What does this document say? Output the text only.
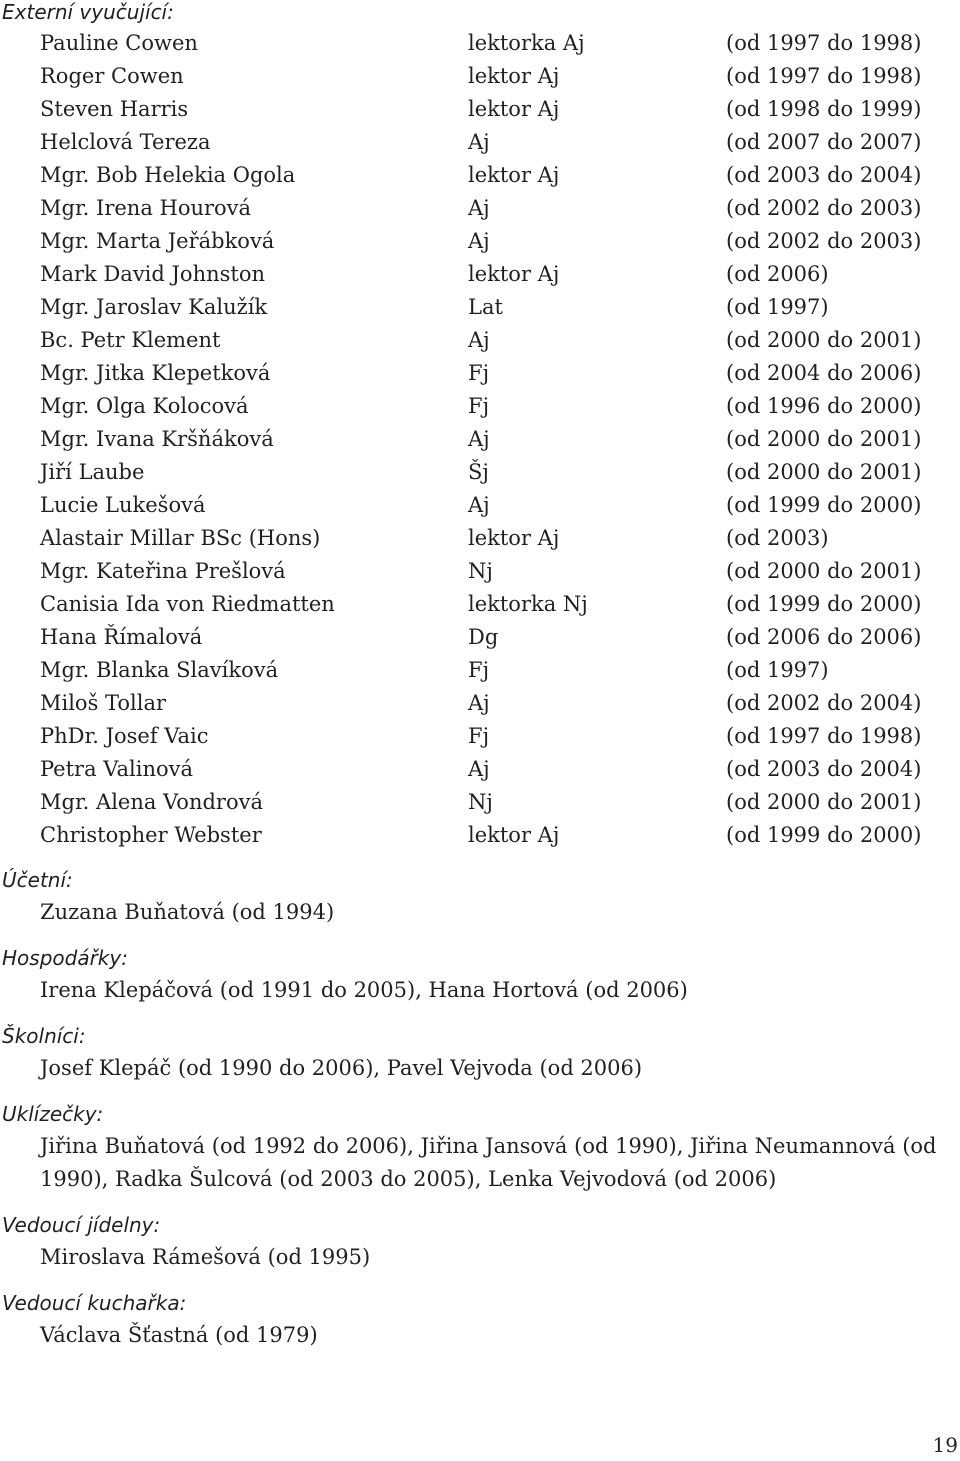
Externí vyučující:
Pauline Cowen	lektorka Aj	(od 1997 do 1998)
Roger Cowen	lektor Aj	(od 1997 do 1998)
Steven Harris	lektor Aj	(od 1998 do 1999)
Helclová Tereza	Aj	(od 2007 do 2007)
Mgr. Bob Helekia Ogola	lektor Aj	(od 2003 do 2004)
Mgr. Irena Hourová	Aj	(od 2002 do 2003)
Mgr. Marta Jeřábková	Aj	(od 2002 do 2003)
Mark David Johnston	lektor Aj	(od 2006)
Mgr. Jaroslav Kalužík	Lat	(od 1997)
Bc. Petr Klement	Aj	(od 2000 do 2001)
Mgr. Jitka Klepetková	Fj	(od 2004 do 2006)
Mgr. Olga Kolocová	Fj	(od 1996 do 2000)
Mgr. Ivana Kršňáková	Aj	(od 2000 do 2001)
Jiří Laube	Šj	(od 2000 do 2001)
Lucie Lukešová	Aj	(od 1999 do 2000)
Alastair Millar BSc (Hons)	lektor Aj	(od 2003)
Mgr. Kateřina Prešlová	Nj	(od 2000 do 2001)
Canisia Ida von Riedmatten	lektorka Nj	(od 1999 do 2000)
Hana Římalová	Dg	(od 2006 do 2006)
Mgr. Blanka Slavíková	Fj	(od 1997)
Miloš Tollar	Aj	(od 2002 do 2004)
PhDr. Josef Vaic	Fj	(od 1997 do 1998)
Petra Valinová	Aj	(od 2003 do 2004)
Mgr. Alena Vondrová	Nj	(od 2000 do 2001)
Christopher Webster	lektor Aj	(od 1999 do 2000)
Účetní:
Zuzana Buňatová (od 1994)
Hospodářky:
Irena Klepáčová (od 1991 do 2005), Hana Hortová (od 2006)
Školníci:
Josef Klepáč (od 1990 do 2006), Pavel Vejvoda (od 2006)
Uklízečky:
Jiřina Buňatová (od 1992 do 2006), Jiřina Jansová (od 1990), Jiřina Neumannová (od 1990), Radka Šulcová (od 2003 do 2005), Lenka Vejvodová (od 2006)
Vedoucí jídelny:
Miroslava Rámešová (od 1995)
Vedoucí kuchařka:
Václava Šťastná (od 1979)
19
